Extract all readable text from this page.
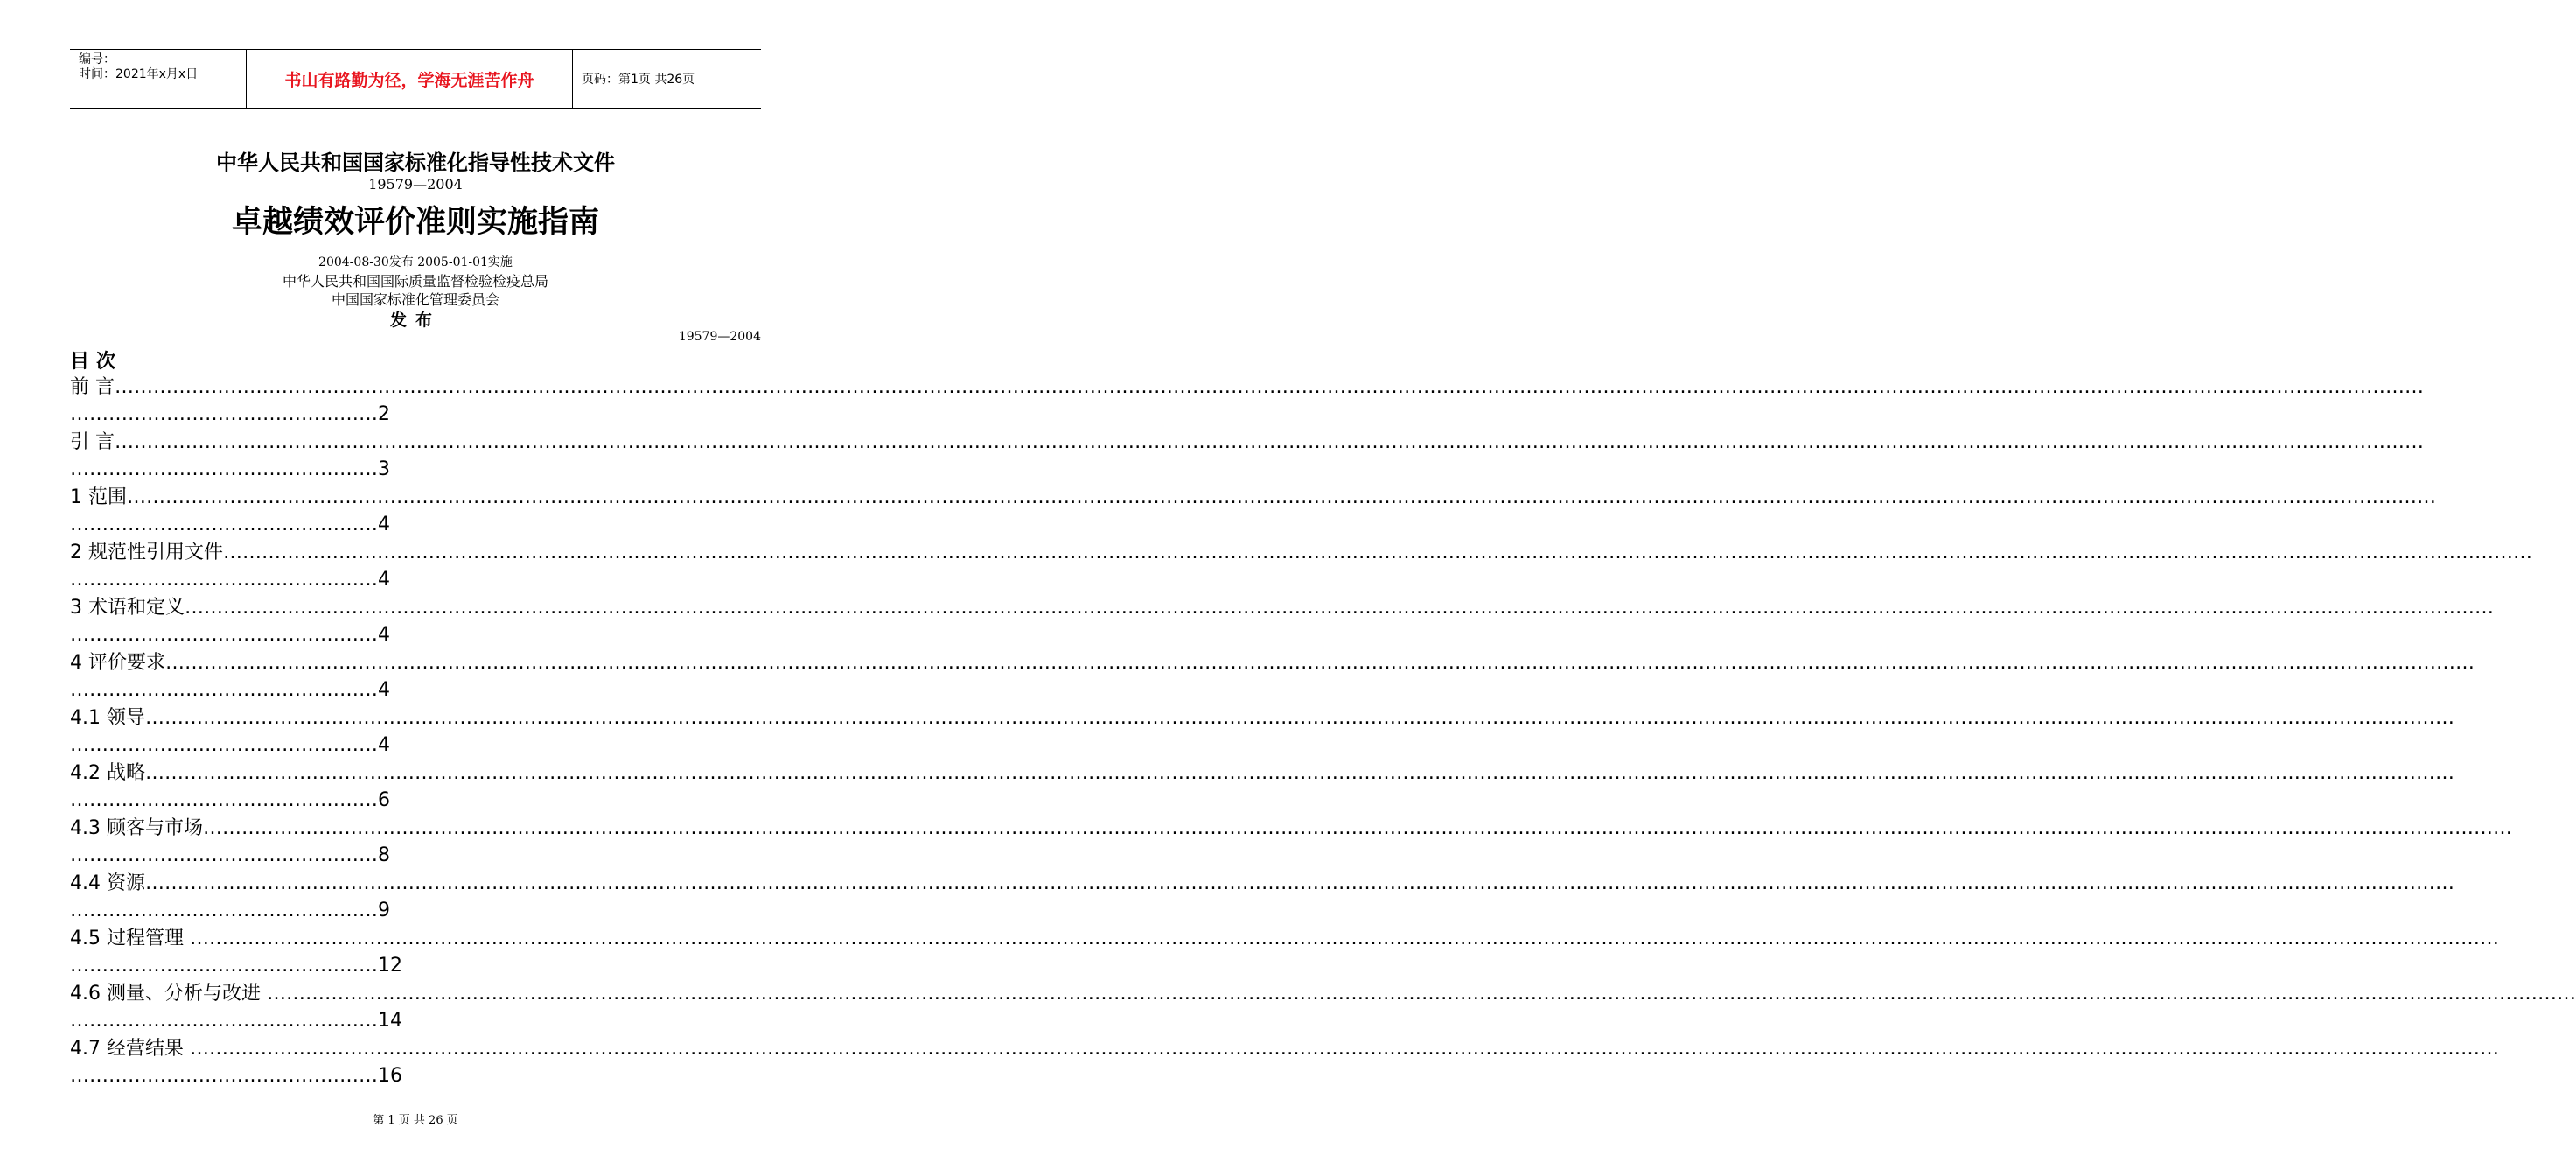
编号：
时间：2021年x月x日	书山有路勤为径，学海无涯苦作舟	页码：第1页 共26页
中华人民共和国国家标准化指导性技术文件
19579—2004
卓越绩效评价准则实施指南
2004-08-30发布 2005-01-01实施
中华人民共和国国际质量监督检验检疫总局
中国国家标准化管理委员会
发布
19579—2004
目次
前 言………………………………………………………………………………………………………………………………………………………………………………………………………………………………………………………………………………………………………………………………
…………………………………………2
引 言………………………………………………………………………………………………………………………………………………………………………………………………………………………………………………………………………………………………………………………………
…………………………………………3
1 范围………………………………………………………………………………………………………………………………………………………………………………………………………………………………………………………………………………………………………………………………
…………………………………………4
2 规范性引用文件………………………………………………………………………………………………………………………………………………………………………………………………………………………………………………………………………………………………………………………………
…………………………………………4
3 术语和定义………………………………………………………………………………………………………………………………………………………………………………………………………………………………………………………………………………………………………………………………
…………………………………………4
4 评价要求………………………………………………………………………………………………………………………………………………………………………………………………………………………………………………………………………………………………………………………………
…………………………………………4
4.1 领导………………………………………………………………………………………………………………………………………………………………………………………………………………………………………………………………………………………………………………………………
…………………………………………4
4.2 战略………………………………………………………………………………………………………………………………………………………………………………………………………………………………………………………………………………………………………………………………
…………………………………………6
4.3 顾客与市场………………………………………………………………………………………………………………………………………………………………………………………………………………………………………………………………………………………………………………………………
…………………………………………8
4.4 资源………………………………………………………………………………………………………………………………………………………………………………………………………………………………………………………………………………………………………………………………
…………………………………………9
4.5 过程管理 ………………………………………………………………………………………………………………………………………………………………………………………………………………………………………………………………………………………………………………………………
…………………………………………12
4.6 测量、分析与改进 ………………………………………………………………………………………………………………………………………………………………………………………………………………………………………………………………………………………………………………………………
…………………………………………14
4.7 经营结果 ………………………………………………………………………………………………………………………………………………………………………………………………………………………………………………………………………………………………………………………………
…………………………………………16
第 1 页 共 26 页
